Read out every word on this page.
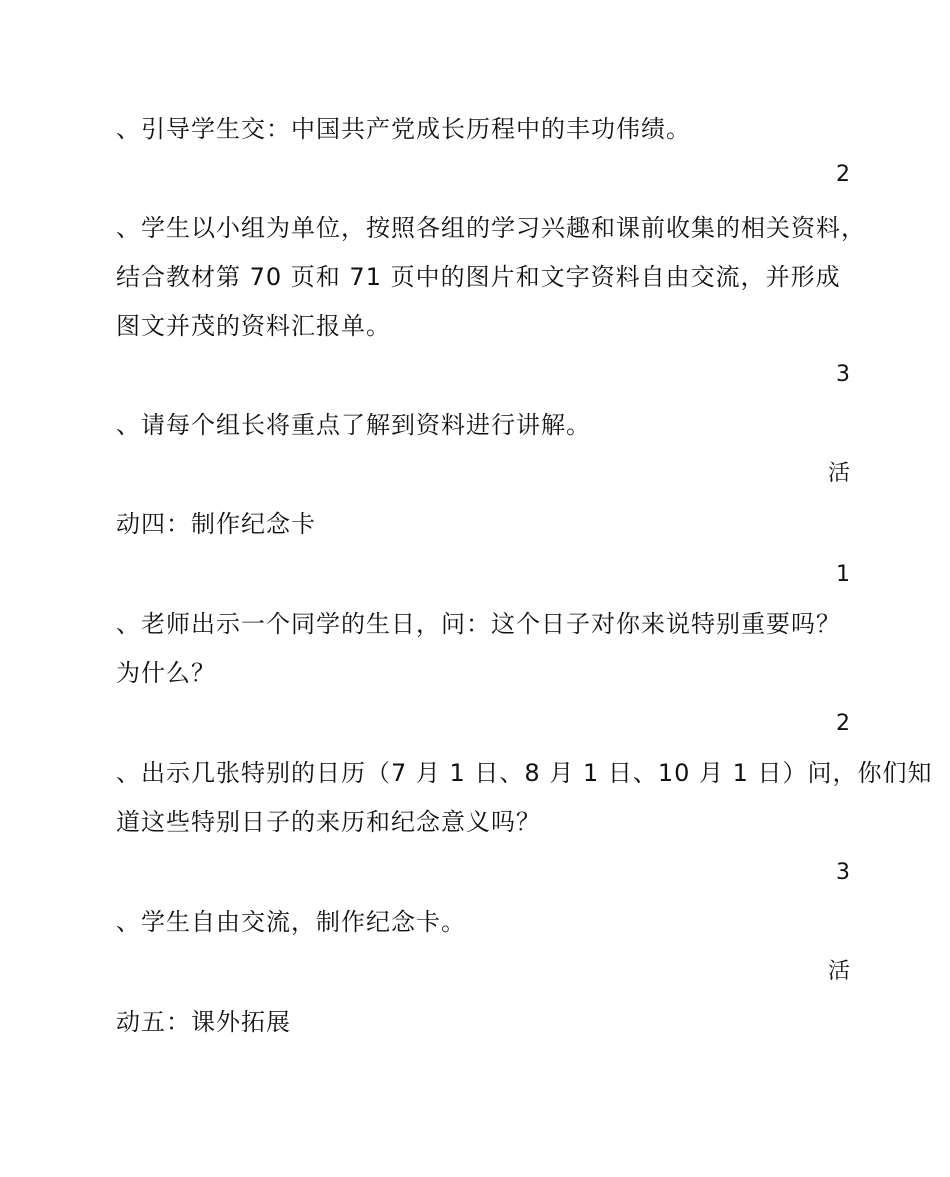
、引导学生交：中国共产党成长历程中的丰功伟绩。
2
、学生以小组为单位，按照各组的学习兴趣和课前收集的相关资料，
结合教材第 70 页和 71 页中的图片和文字资料自由交流，并形成
图文并茂的资料汇报单。
3
、请每个组长将重点了解到资料进行讲解。
活
动四：制作纪念卡
1
、老师出示一个同学的生日，问：这个日子对你来说特别重要吗？
为什么？
2
、出示几张特别的日历（7 月 1 日、8 月 1 日、10 月 1 日）问，你们知
道这些特别日子的来历和纪念意义吗？
3
、学生自由交流，制作纪念卡。
活
动五：课外拓展
